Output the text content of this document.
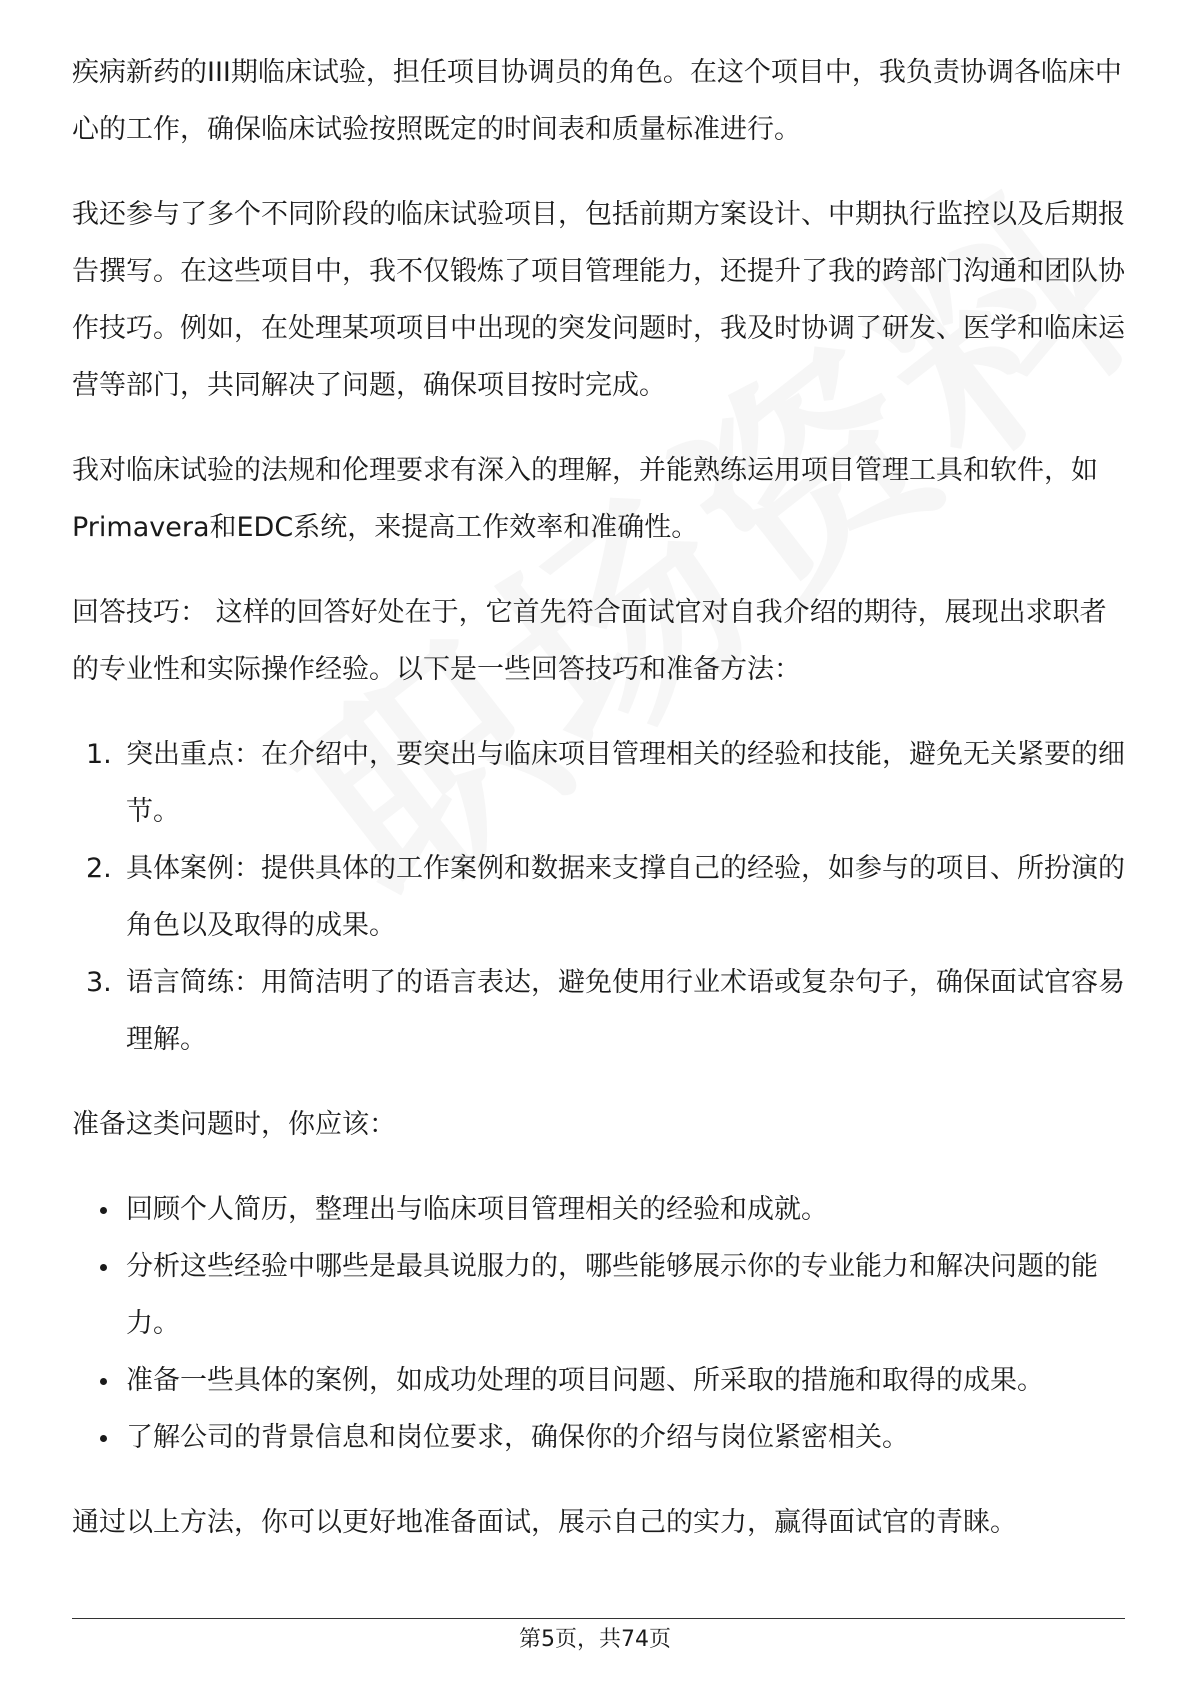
疾病新药的III期临床试验，担任项目协调员的角色。在这个项目中，我负责协调各临床中心的工作，确保临床试验按照既定的时间表和质量标准进行。

我还参与了多个不同阶段的临床试验项目，包括前期方案设计、中期执行监控以及后期报告撰写。在这些项目中，我不仅锻炼了项目管理能力，还提升了我的跨部门沟通和团队协作技巧。例如，在处理某项项目中出现的突发问题时，我及时协调了研发、医学和临床运营等部门，共同解决了问题，确保项目按时完成。

我对临床试验的法规和伦理要求有深入的理解，并能熟练运用项目管理工具和软件，如Primavera和EDC系统，来提高工作效率和准确性。

回答技巧： 这样的回答好处在于，它首先符合面试官对自我介绍的期待，展现出求职者的专业性和实际操作经验。以下是一些回答技巧和准备方法：

1. 突出重点：在介绍中，要突出与临床项目管理相关的经验和技能，避免无关紧要的细节。
2. 具体案例：提供具体的工作案例和数据来支撑自己的经验，如参与的项目、所扮演的角色以及取得的成果。
3. 语言简练：用简洁明了的语言表达，避免使用行业术语或复杂句子，确保面试官容易理解。

准备这类问题时，你应该：

回顾个人简历，整理出与临床项目管理相关的经验和成就。
分析这些经验中哪些是最具说服力的，哪些能够展示你的专业能力和解决问题的能力。
准备一些具体的案例，如成功处理的项目问题、所采取的措施和取得的成果。
了解公司的背景信息和岗位要求，确保你的介绍与岗位紧密相关。

通过以上方法，你可以更好地准备面试，展示自己的实力，赢得面试官的青睐。

第5页，共74页
